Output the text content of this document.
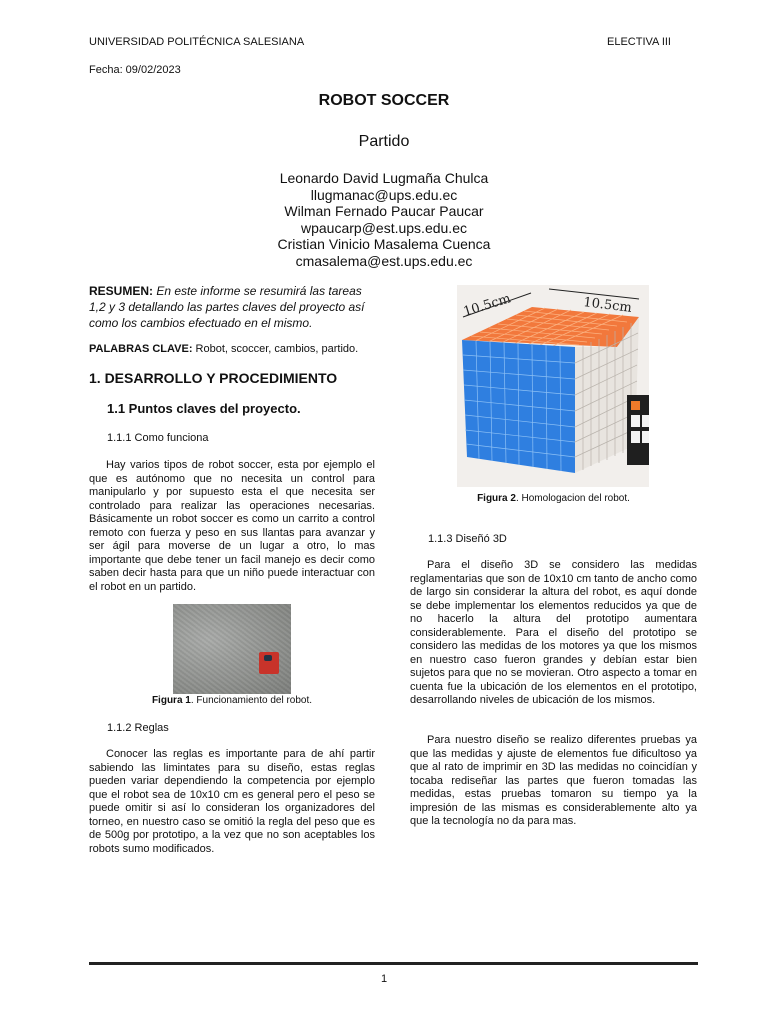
UNIVERSIDAD POLITÉCNICA SALESIANA	ELECTIVA III
Fecha: 09/02/2023
ROBOT SOCCER
Partido
Leonardo David Lugmaña Chulca
llugmanac@ups.edu.ec
Wilman Fernado Paucar Paucar
wpaucarp@est.ups.edu.ec
Cristian Vinicio Masalema Cuenca
cmasalema@est.ups.edu.ec
RESUMEN: En este informe se resumirá las tareas 1,2 y 3 detallando las partes claves del proyecto así como los cambios efectuado en el mismo.
PALABRAS CLAVE: Robot, scoccer, cambios, partido.
1. DESARROLLO Y PROCEDIMIENTO
1.1 Puntos claves del proyecto.
1.1.1 Como funciona
Hay varios tipos de robot soccer, esta por ejemplo el que es autónomo que no necesita un control para manipularlo y por supuesto esta el que necesita ser controlado para realizar las operaciones necesarias. Básicamente un robot soccer es como un carrito a control remoto con fuerza y peso en sus llantas para avanzar y ser ágil para moverse de un lugar a otro, lo mas importante que debe tener un facil manejo es decir como saben decir hasta para que un niño puede interactuar con el robot en un partido.
Figura 1. Funcionamiento del robot.
1.1.2 Reglas
Conocer las reglas es importante para de ahí partir sabiendo las limintates para su diseño, estas reglas pueden variar dependiendo la competencia por ejemplo que el robot sea de 10x10 cm es general pero el peso se puede omitir si así lo consideran los organizadores del torneo, en nuestro caso se omitió la regla del peso que es de 500g por prototipo, a la vez que no son aceptables los robots sumo modificados.
10.5cm	10.5cm
Figura 2. Homologacion del robot.
1.1.3 Diseñó 3D
Para el diseño 3D se considero las medidas reglamentarias que son de 10x10 cm tanto de ancho como de largo sin considerar la altura del robot, es aquí donde se debe implementar los elementos reducidos ya que de no hacerlo la altura del prototipo aumentara considerablemente. Para el diseño del prototipo se considero las medidas de los motores ya que los mismos en nuestro caso fueron grandes y debían estar bien sujetos para que no se movieran. Otro aspecto a tomar en cuenta fue la ubicación de los elementos en el prototipo, desarrollando niveles de ubicación de los mismos.
Para nuestro diseño se realizo diferentes pruebas ya que las medidas y ajuste de elementos fue dificultoso ya que al rato de imprimir en 3D las medidas no coincidían y tocaba rediseñar las partes que fueron tomadas las medidas, estas pruebas tomaron su tiempo ya la impresión de las mismas es considerablemente alto ya que la tecnología no da para mas.
1
